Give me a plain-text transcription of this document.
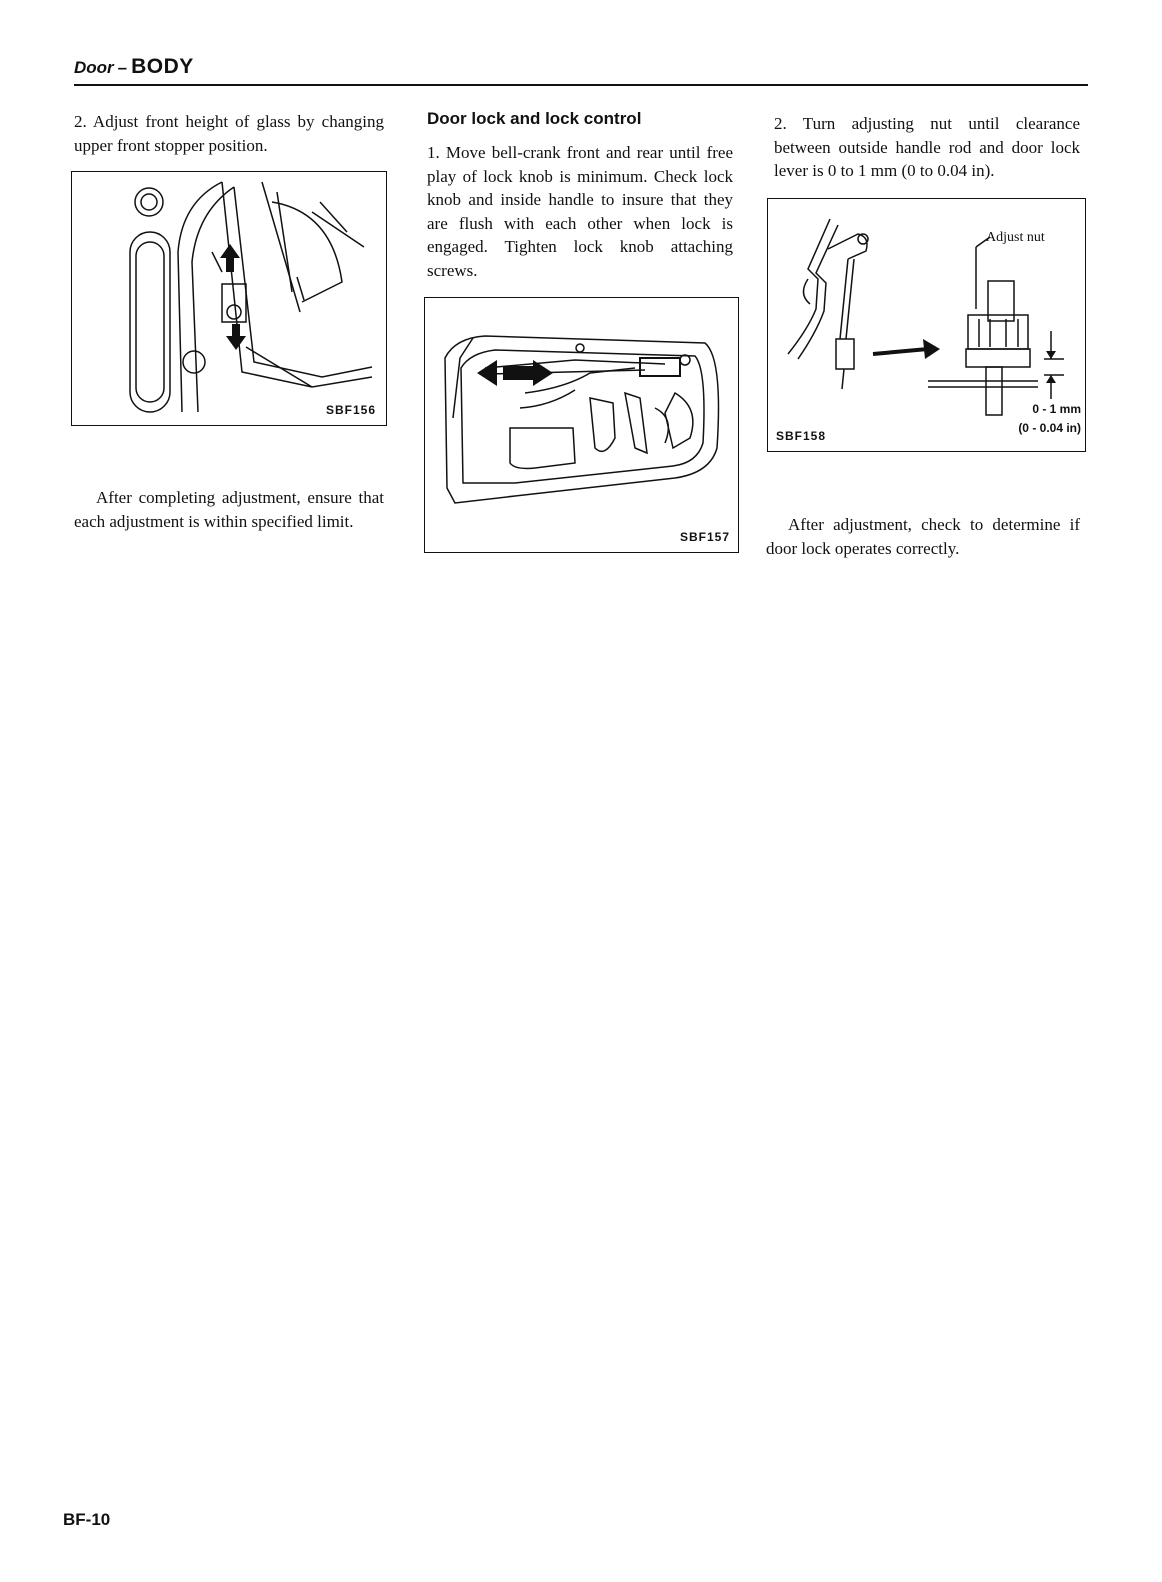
Door – BODY

2. Adjust front height of glass by changing upper front stopper position.

SBF156

After completing adjustment, ensure that each adjustment is within specified limit.

Door lock and lock control

1. Move bell-crank front and rear until free play of lock knob is minimum. Check lock knob and inside handle to insure that they are flush with each other when lock is engaged. Tighten lock knob attaching screws.

SBF157

2. Turn adjusting nut until clearance between outside handle rod and door lock lever is 0 to 1 mm (0 to 0.04 in).

Adjust nut
0 - 1 mm
(0 - 0.04 in)
SBF158

After adjustment, check to determine if door lock operates correctly.

BF-10
